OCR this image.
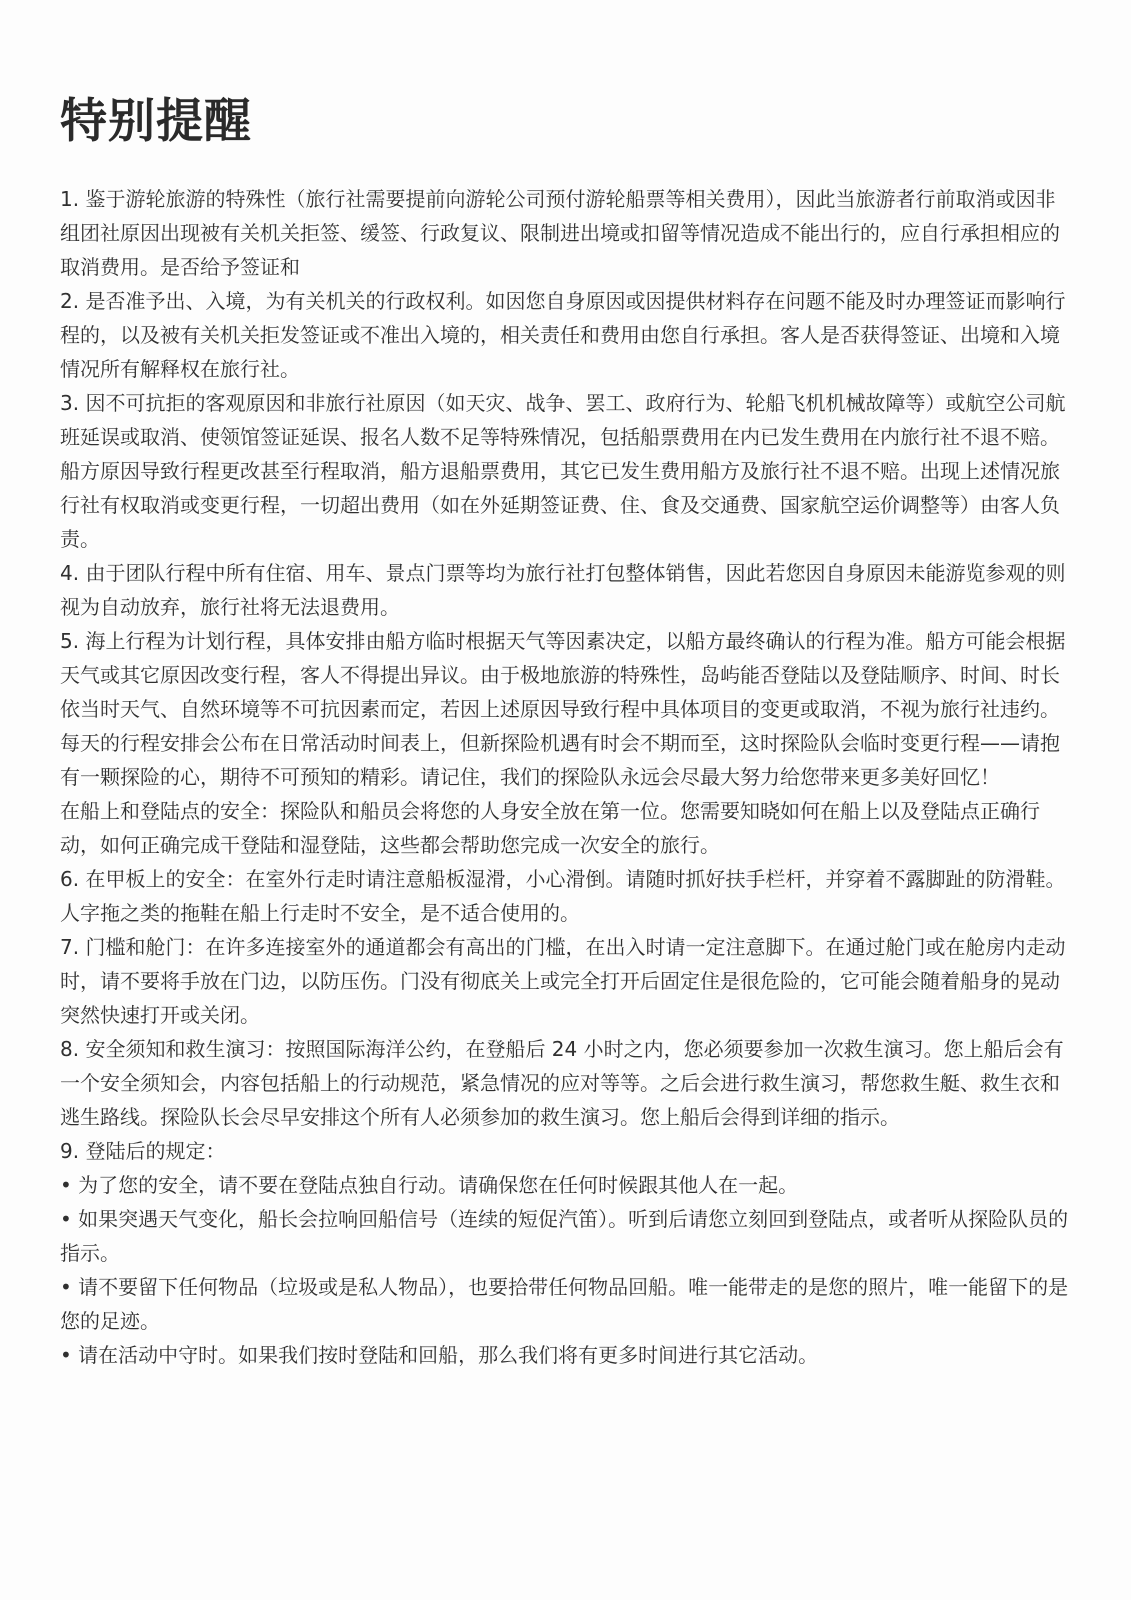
特别提醒

1. 鉴于游轮旅游的特殊性（旅行社需要提前向游轮公司预付游轮船票等相关费用），因此当旅游者行前取消或因非组团社原因出现被有关机关拒签、缓签、行政复议、限制进出境或扣留等情况造成不能出行的，应自行承担相应的取消费用。是否给予签证和

2. 是否准予出、入境，为有关机关的行政权利。如因您自身原因或因提供材料存在问题不能及时办理签证而影响行程的，以及被有关机关拒发签证或不准出入境的，相关责任和费用由您自行承担。客人是否获得签证、出境和入境情况所有解释权在旅行社。

3. 因不可抗拒的客观原因和非旅行社原因（如天灾、战争、罢工、政府行为、轮船飞机机械故障等）或航空公司航班延误或取消、使领馆签证延误、报名人数不足等特殊情况，包括船票费用在内已发生费用在内旅行社不退不赔。船方原因导致行程更改甚至行程取消，船方退船票费用，其它已发生费用船方及旅行社不退不赔。出现上述情况旅行社有权取消或变更行程，一切超出费用（如在外延期签证费、住、食及交通费、国家航空运价调整等）由客人负责。

4. 由于团队行程中所有住宿、用车、景点门票等均为旅行社打包整体销售，因此若您因自身原因未能游览参观的则视为自动放弃，旅行社将无法退费用。

5. 海上行程为计划行程，具体安排由船方临时根据天气等因素决定，以船方最终确认的行程为准。船方可能会根据天气或其它原因改变行程，客人不得提出异议。由于极地旅游的特殊性，岛屿能否登陆以及登陆顺序、时间、时长依当时天气、自然环境等不可抗因素而定，若因上述原因导致行程中具体项目的变更或取消，不视为旅行社违约。每天的行程安排会公布在日常活动时间表上，但新探险机遇有时会不期而至，这时探险队会临时变更行程——请抱有一颗探险的心，期待不可预知的精彩。请记住，我们的探险队永远会尽最大努力给您带来更多美好回忆！

在船上和登陆点的安全：探险队和船员会将您的人身安全放在第一位。您需要知晓如何在船上以及登陆点正确行动，如何正确完成干登陆和湿登陆，这些都会帮助您完成一次安全的旅行。

6. 在甲板上的安全：在室外行走时请注意船板湿滑，小心滑倒。请随时抓好扶手栏杆，并穿着不露脚趾的防滑鞋。人字拖之类的拖鞋在船上行走时不安全，是不适合使用的。

7. 门槛和舱门：在许多连接室外的通道都会有高出的门槛，在出入时请一定注意脚下。在通过舱门或在舱房内走动时，请不要将手放在门边，以防压伤。门没有彻底关上或完全打开后固定住是很危险的，它可能会随着船身的晃动突然快速打开或关闭。

8. 安全须知和救生演习：按照国际海洋公约，在登船后 24 小时之内，您必须要参加一次救生演习。您上船后会有一个安全须知会，内容包括船上的行动规范，紧急情况的应对等等。之后会进行救生演习，帮您救生艇、救生衣和逃生路线。探险队长会尽早安排这个所有人必须参加的救生演习。您上船后会得到详细的指示。

9. 登陆后的规定：

• 为了您的安全，请不要在登陆点独自行动。请确保您在任何时候跟其他人在一起。

• 如果突遇天气变化，船长会拉响回船信号（连续的短促汽笛）。听到后请您立刻回到登陆点，或者听从探险队员的指示。

• 请不要留下任何物品（垃圾或是私人物品），也要拾带任何物品回船。唯一能带走的是您的照片，唯一能留下的是您的足迹。

• 请在活动中守时。如果我们按时登陆和回船，那么我们将有更多时间进行其它活动。
